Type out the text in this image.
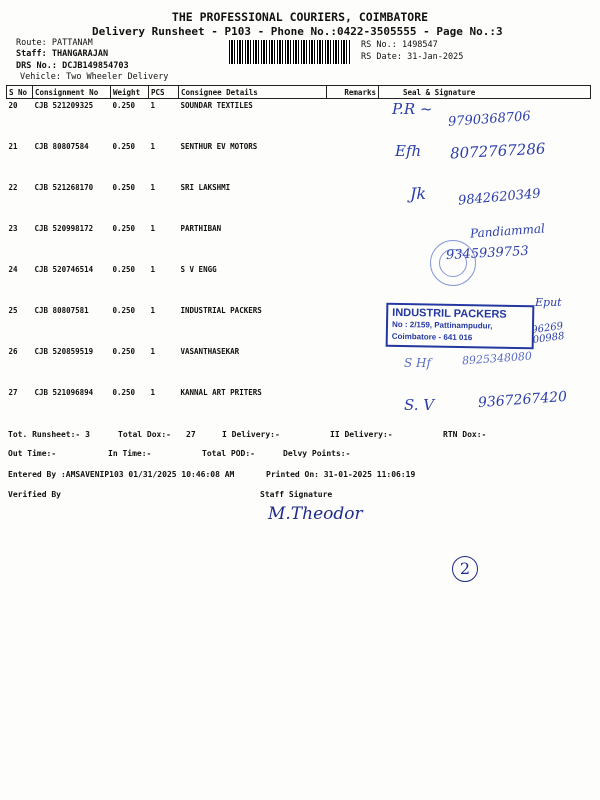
THE PROFESSIONAL COURIERS, COIMBATORE
Delivery Runsheet - P103 - Phone No.:0422-3505555 - Page No.:3
Route: PATTANAM
Staff: THANGARAJAN
DRS No.: DCJB149854703
Vehicle: Two Wheeler Delivery
RS No.: 1498547
RS Date: 31-Jan-2025
S No	Consignment No	Weight	PCS	Consignee Details	Remarks	Seal & Signature
20	CJB 521209325	0.250	1	SOUNDAR TEXTILES		
21	CJB 80807584	0.250	1	SENTHUR EV MOTORS		
22	CJB 521268170	0.250	1	SRI LAKSHMI		
23	CJB 520998172	0.250	1	PARTHIBAN		
24	CJB 520746514	0.250	1	S V ENGG		
25	CJB 80807581	0.250	1	INDUSTRIAL PACKERS		
26	CJB 520859519	0.250	1	VASANTHASEKAR		
27	CJB 521096894	0.250	1	KANNAL ART PRITERS		
P.R ~
9790368706
Efh 8072767286
Jk 9842620349
Pandiammal
9345939753
INDUSTRIL PACKERS
No : 2/159, Pattinampudur,
Coimbatore - 641 016
Eput
96269 00988
S Hf	8925348080
S. V	9367267420
Tot. Runsheet:- 3	Total Dox:- 27	I Delivery:-	II Delivery:-	RTN Dox:-
Out Time:-	In Time:-	Total POD:-	Delvy Points:-
Entered By :AMSAVENIP103 01/31/2025 10:46:08 AM	Printed On: 31-01-2025 11:06:19
Verified By	Staff Signature
M.Theodor
2
